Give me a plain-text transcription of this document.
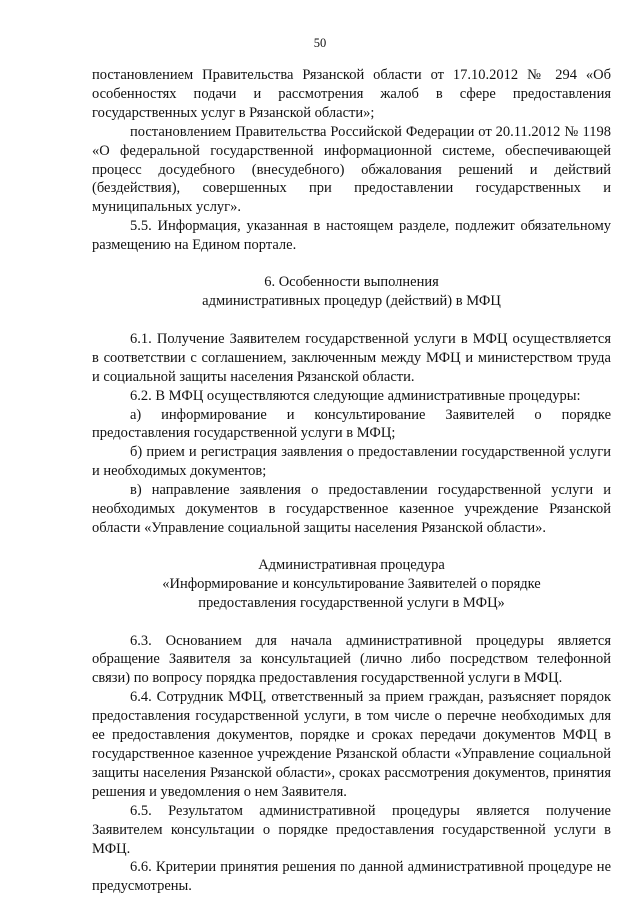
50

постановлением Правительства Рязанской области от 17.10.2012 № 294 «Об особенностях подачи и рассмотрения жалоб в сфере предоставления государственных услуг в Рязанской области»;

постановлением Правительства Российской Федерации от 20.11.2012 № 1198 «О федеральной государственной информационной системе, обеспечивающей процесс досудебного (внесудебного) обжалования решений и действий (бездействия), совершенных при предоставлении государственных и муниципальных услуг».

5.5. Информация, указанная в настоящем разделе, подлежит обязательному размещению на Едином портале.

6. Особенности выполнения

административных процедур (действий) в МФЦ

6.1. Получение Заявителем государственной услуги в МФЦ осуществляется в соответствии с соглашением, заключенным между МФЦ и министерством труда и социальной защиты населения Рязанской области.

6.2. В МФЦ осуществляются следующие административные процедуры:

а) информирование и консультирование Заявителей о порядке предоставления государственной услуги в МФЦ;

б) прием и регистрация заявления о предоставлении государственной услуги и необходимых документов;

в) направление заявления о предоставлении государственной услуги и необходимых документов в государственное казенное учреждение Рязанской области «Управление социальной защиты населения Рязанской области».

Административная процедура

«Информирование и консультирование Заявителей о порядке

предоставления государственной услуги в МФЦ»

6.3. Основанием для начала административной процедуры является обращение Заявителя за консультацией (лично либо посредством телефонной связи) по вопросу порядка предоставления государственной услуги в МФЦ.

6.4. Сотрудник МФЦ, ответственный за прием граждан, разъясняет порядок предоставления государственной услуги, в том числе о перечне необходимых для ее предоставления документов, порядке и сроках передачи документов МФЦ в государственное казенное учреждение Рязанской области «Управление социальной защиты населения Рязанской области», сроках рассмотрения документов, принятия решения и уведомления о нем Заявителя.

6.5. Результатом административной процедуры является получение Заявителем консультации о порядке предоставления государственной услуги в МФЦ.

6.6. Критерии принятия решения по данной административной процедуре не предусмотрены.
